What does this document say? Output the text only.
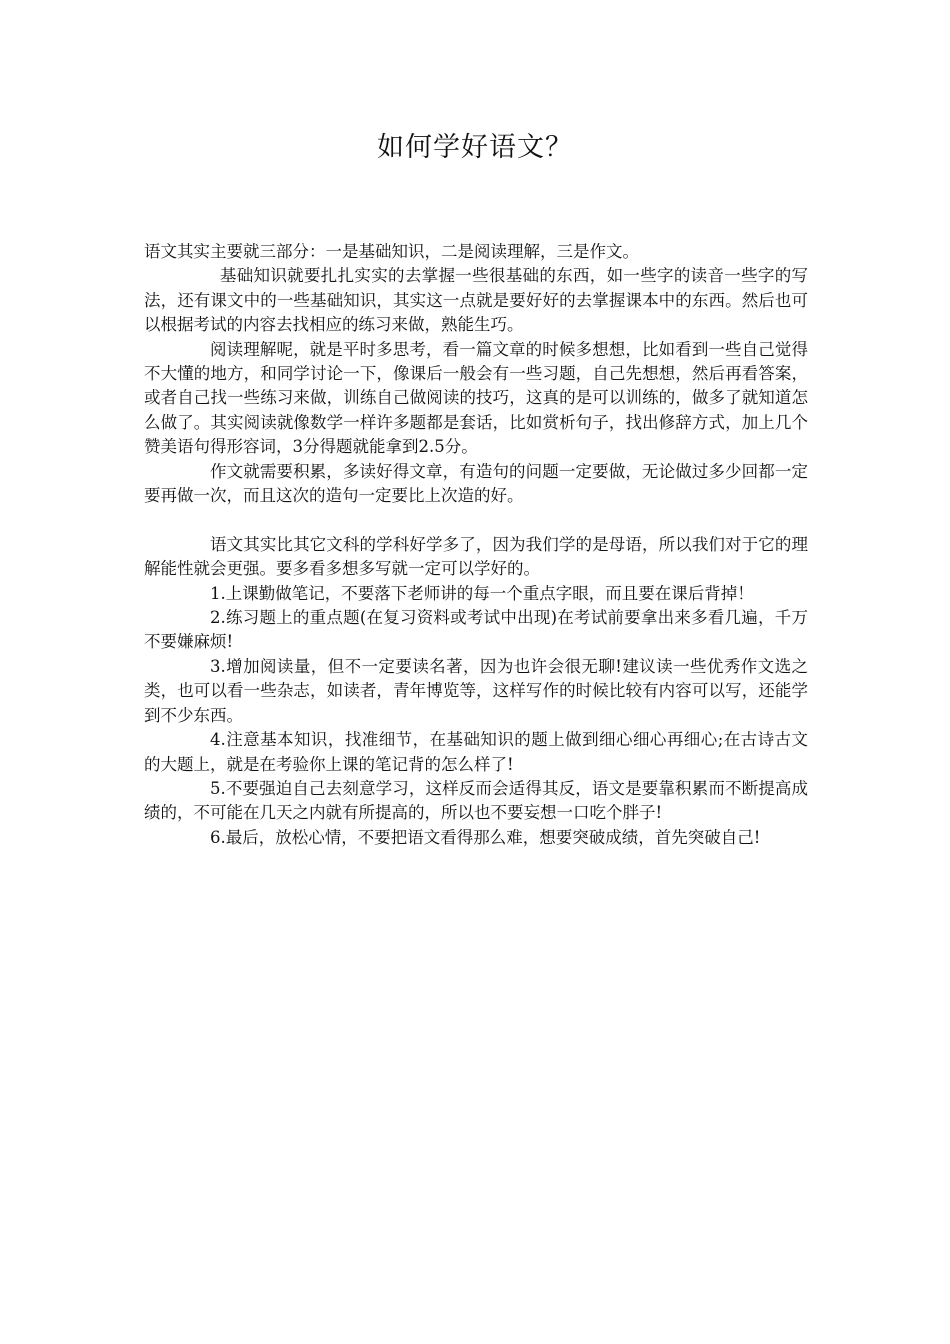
如何学好语文？

语文其实主要就三部分：一是基础知识，二是阅读理解，三是作文。

基础知识就要扎扎实实的去掌握一些很基础的东西，如一些字的读音一些字的写法，还有课文中的一些基础知识，其实这一点就是要好好的去掌握课本中的东西。然后也可以根据考试的内容去找相应的练习来做，熟能生巧。

阅读理解呢，就是平时多思考，看一篇文章的时候多想想，比如看到一些自己觉得不大懂的地方，和同学讨论一下，像课后一般会有一些习题，自己先想想，然后再看答案，或者自己找一些练习来做，训练自己做阅读的技巧，这真的是可以训练的，做多了就知道怎么做了。其实阅读就像数学一样许多题都是套话，比如赏析句子，找出修辞方式，加上几个赞美语句得形容词，3分得题就能拿到2.5分。

作文就需要积累，多读好得文章，有造句的问题一定要做，无论做过多少回都一定要再做一次，而且这次的造句一定要比上次造的好。

语文其实比其它文科的学科好学多了，因为我们学的是母语，所以我们对于它的理解能性就会更强。要多看多想多写就一定可以学好的。

1.上课勤做笔记，不要落下老师讲的每一个重点字眼，而且要在课后背掉！

2.练习题上的重点题(在复习资料或考试中出现)在考试前要拿出来多看几遍，千万不要嫌麻烦!

3.增加阅读量，但不一定要读名著，因为也许会很无聊!建议读一些优秀作文选之类，也可以看一些杂志，如读者，青年博览等，这样写作的时候比较有内容可以写，还能学到不少东西。

4.注意基本知识，找准细节，在基础知识的题上做到细心细心再细心;在古诗古文的大题上，就是在考验你上课的笔记背的怎么样了!

5.不要强迫自己去刻意学习，这样反而会适得其反，语文是要靠积累而不断提高成绩的，不可能在几天之内就有所提高的，所以也不要妄想一口吃个胖子!

6.最后，放松心情，不要把语文看得那么难，想要突破成绩，首先突破自己!
